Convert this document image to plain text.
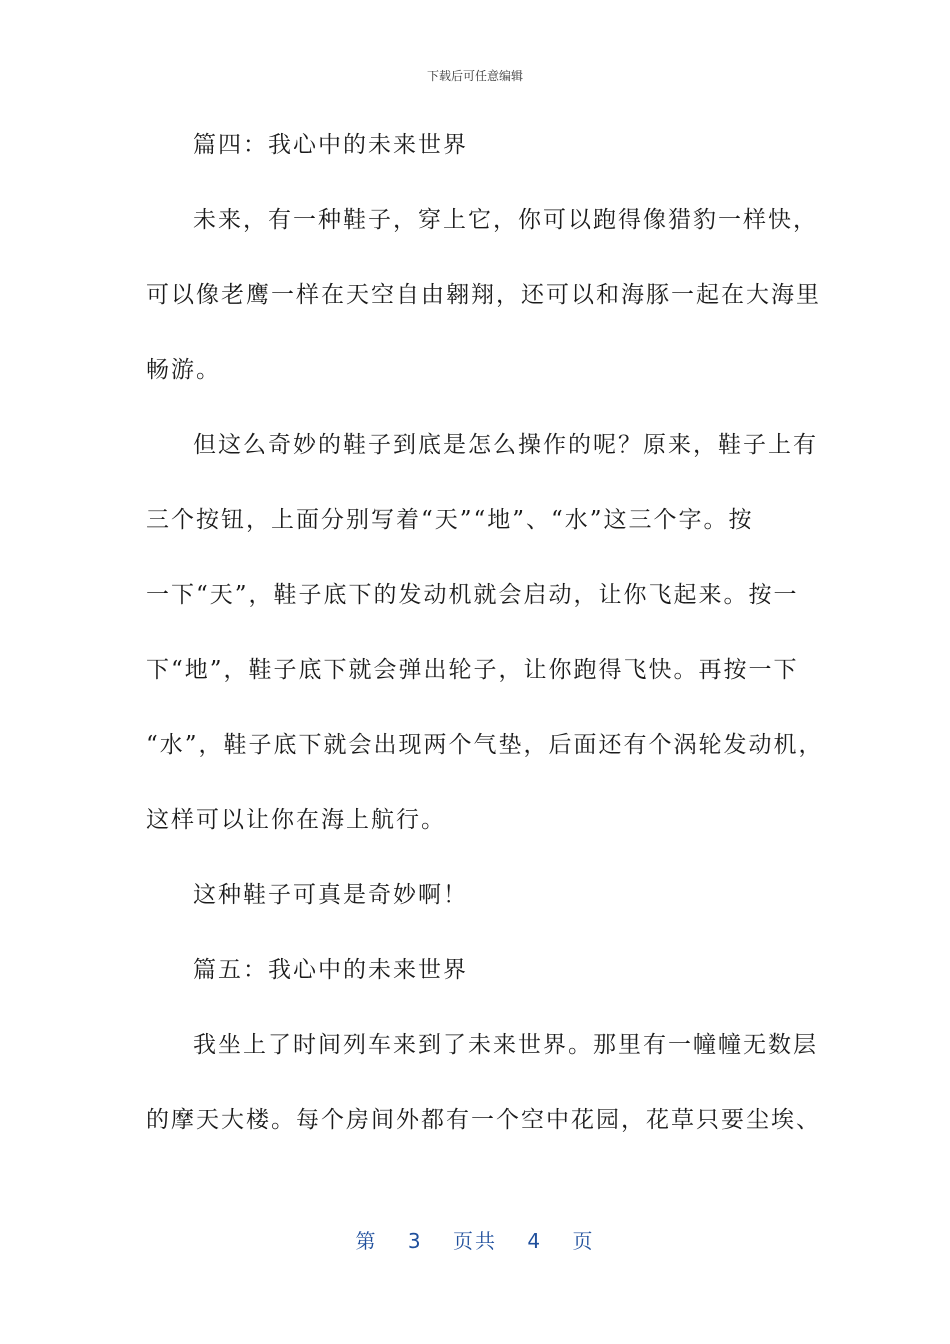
下载后可任意编辑
篇四：我心中的未来世界
未来，有一种鞋子，穿上它，你可以跑得像猎豹一样快，
可以像老鹰一样在天空自由翱翔，还可以和海豚一起在大海里
畅游。
但这么奇妙的鞋子到底是怎么操作的呢？原来，鞋子上有
三个按钮，上面分别写着“天”“地”、“水”这三个字。按
一下“天”，鞋子底下的发动机就会启动，让你飞起来。按一
下“地”，鞋子底下就会弹出轮子，让你跑得飞快。再按一下
“水”，鞋子底下就会出现两个气垫，后面还有个涡轮发动机，
这样可以让你在海上航行。
这种鞋子可真是奇妙啊！
篇五：我心中的未来世界
我坐上了时间列车来到了未来世界。那里有一幢幢无数层
的摩天大楼。每个房间外都有一个空中花园，花草只要尘埃、
第 3 页共 4 页
